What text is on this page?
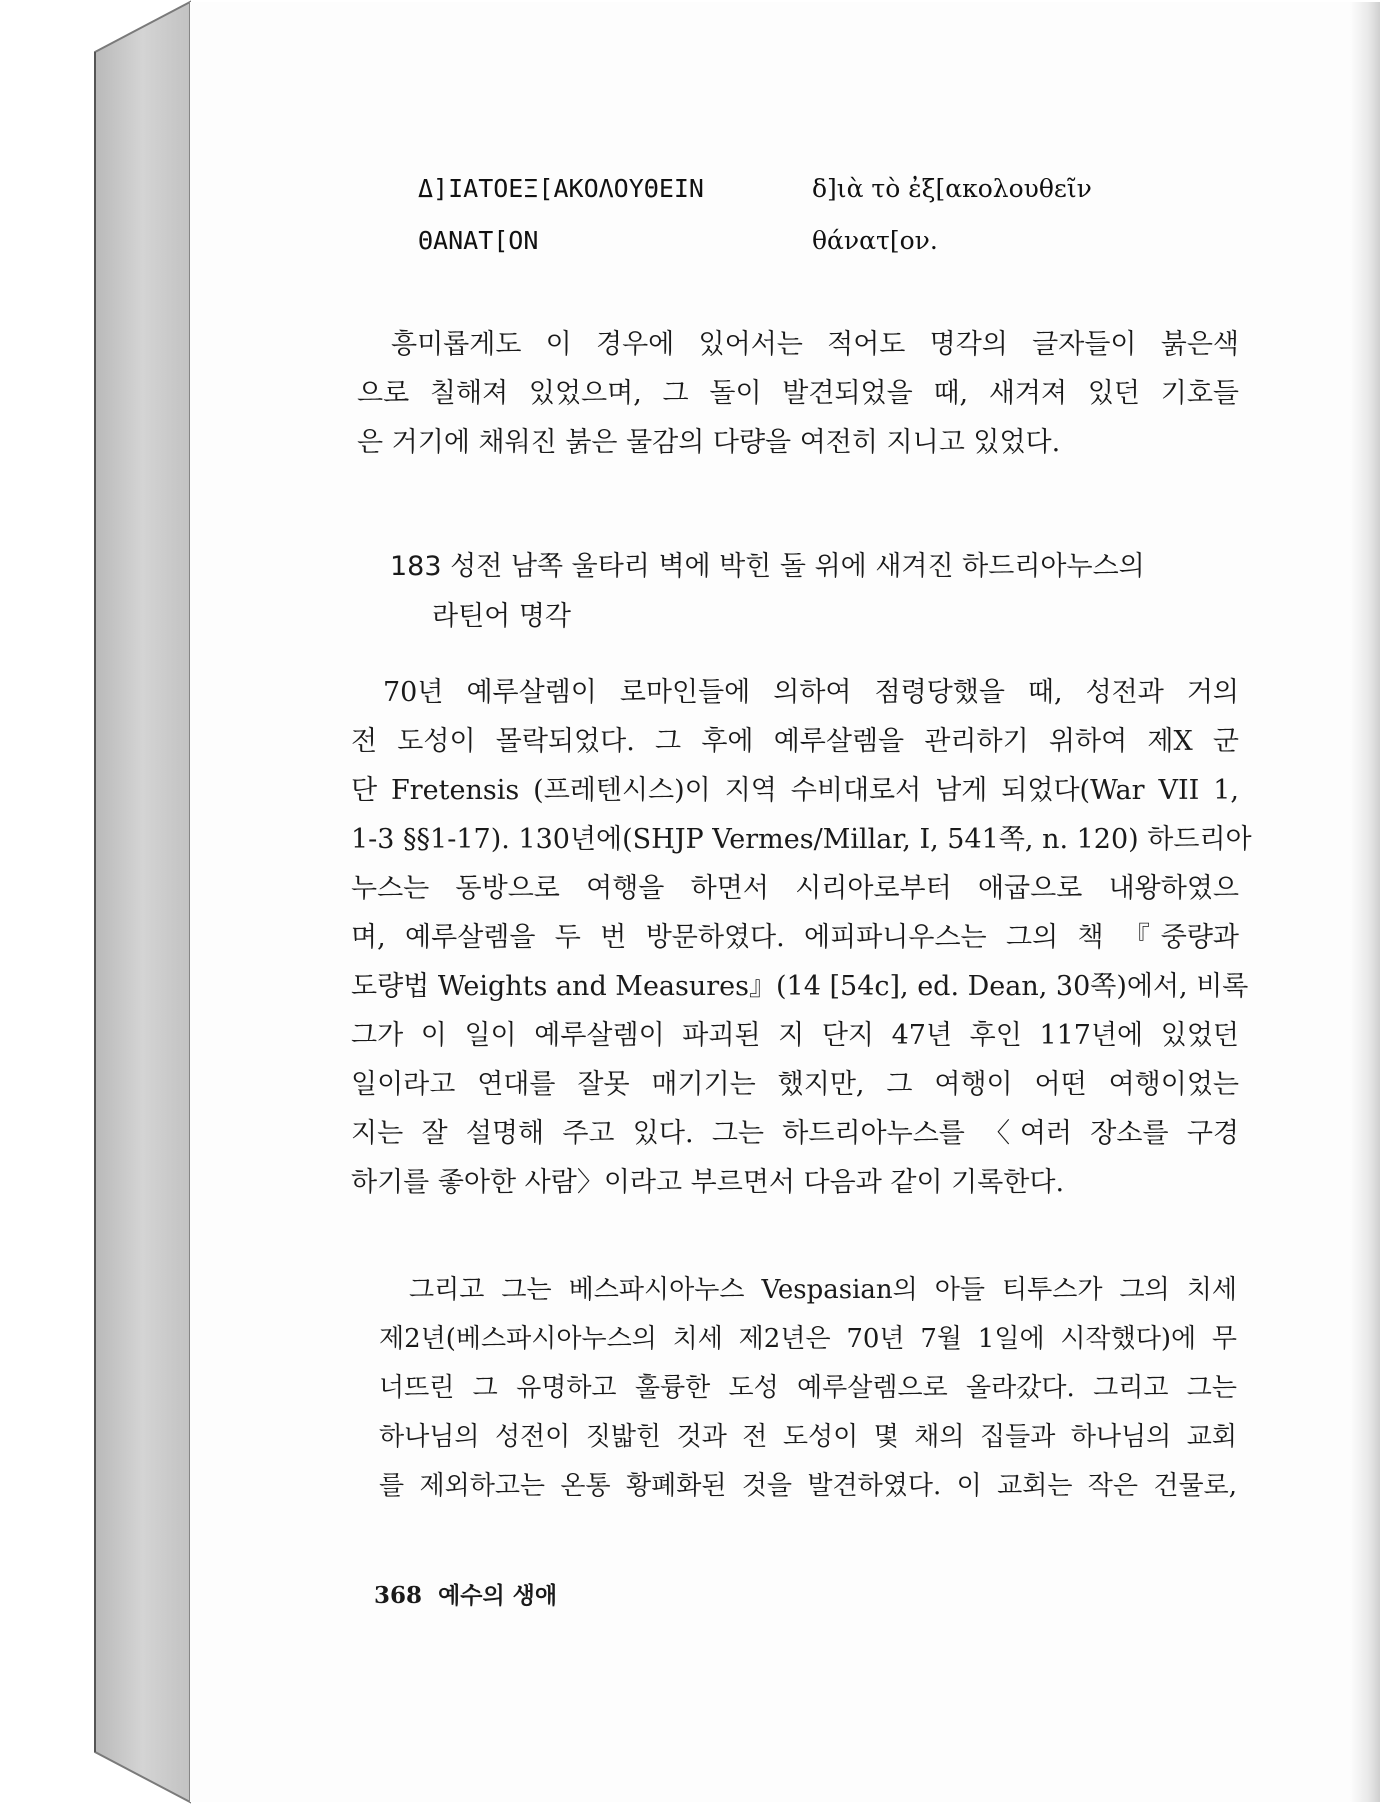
Δ]IATOEΞ[AKOΛOYΘEIN	δ]ιὰ τὸ ἐξ[ακολουθεῖν
ΘANAT[ON	θάνατ[ον.
흥미롭게도 이 경우에 있어서는 적어도 명각의 글자들이 붉은색
으로 칠해져 있었으며, 그 돌이 발견되었을 때, 새겨져 있던 기호들
은 거기에 채워진 붉은 물감의 다량을 여전히 지니고 있었다.
183 성전 남쪽 울타리 벽에 박힌 돌 위에 새겨진 하드리아누스의
라틴어 명각
70년 예루살렘이 로마인들에 의하여 점령당했을 때, 성전과 거의
전 도성이 몰락되었다. 그 후에 예루살렘을 관리하기 위하여 제X 군
단 Fretensis (프레텐시스)이 지역 수비대로서 남게 되었다(War VII 1,
1-3 §§1-17). 130년에(SHJP Vermes/Millar, I, 541쪽, n. 120) 하드리아
누스는 동방으로 여행을 하면서 시리아로부터 애굽으로 내왕하였으
며, 예루살렘을 두 번 방문하였다. 에피파니우스는 그의 책 『중량과
도량법 Weights and Measures』(14 [54c], ed. Dean, 30쪽)에서, 비록
그가 이 일이 예루살렘이 파괴된 지 단지 47년 후인 117년에 있었던
일이라고 연대를 잘못 매기기는 했지만, 그 여행이 어떤 여행이었는
지는 잘 설명해 주고 있다. 그는 하드리아누스를 〈여러 장소를 구경
하기를 좋아한 사람〉이라고 부르면서 다음과 같이 기록한다.
그리고 그는 베스파시아누스 Vespasian의 아들 티투스가 그의 치세
제2년(베스파시아누스의 치세 제2년은 70년 7월 1일에 시작했다)에 무
너뜨린 그 유명하고 훌륭한 도성 예루살렘으로 올라갔다. 그리고 그는
하나님의 성전이 짓밟힌 것과 전 도성이 몇 채의 집들과 하나님의 교회
를 제외하고는 온통 황폐화된 것을 발견하였다. 이 교회는 작은 건물로,
368 예수의 생애
